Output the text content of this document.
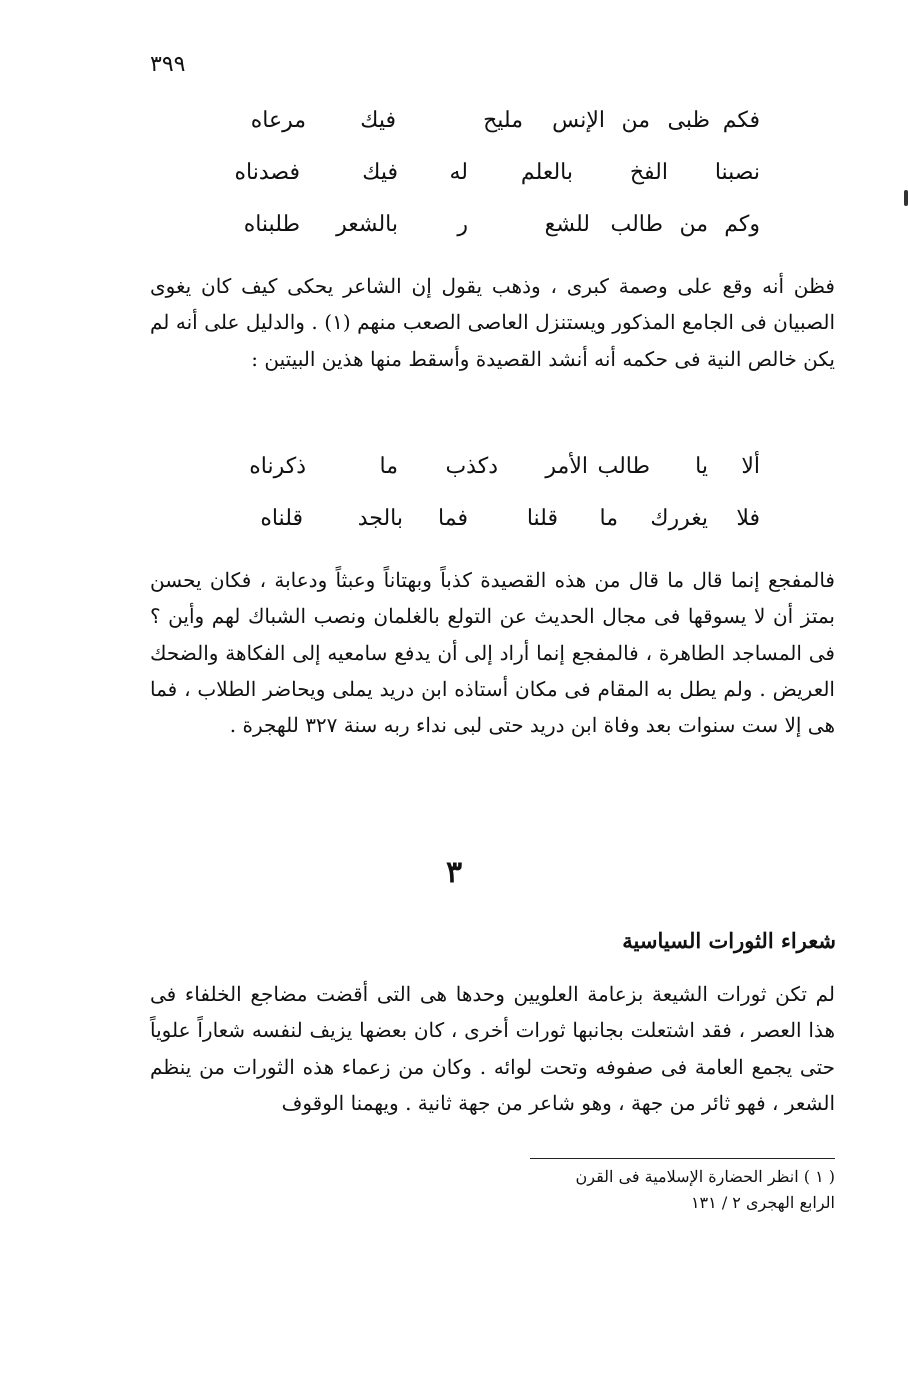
٣٩٩
فكم
ظبى
من
الإنس
مليح
فيك
مرعاه
نصبنا
الفخ
بالعلم
له
فيك
فصدناه
وكم
من
طالب
للشع
ر
بالشعر
طلبناه

فظن أنه وقع على وصمة كبرى ، وذهب يقول إن الشاعر يحكى كيف كان يغوى الصبيان فى الجامع المذكور ويستنزل العاصى الصعب منهم (١) . والدليل على أنه لم يكن خالص النية فى حكمه أنه أنشد القصيدة وأسقط منها هذين البيتين :

ألا
يا
طالب
الأمر
دكذب
ما
ذكرناه
فلا
يغررك
ما
قلنا
فما
بالجد
قلناه

فالمفجع إنما قال ما قال من هذه القصيدة كذباً وبهتاناً وعبثاً ودعابة ، فكان يحسن بمتز أن لا يسوقها فى مجال الحديث عن التولع بالغلمان ونصب الشباك لهم وأين ؟ فى المساجد الطاهرة ، فالمفجع إنما أراد إلى أن يدفع سامعيه إلى الفكاهة والضحك العريض . ولم يطل به المقام فى مكان أستاذه ابن دريد يملى ويحاضر الطلاب ، فما هى إلا ست سنوات بعد وفاة ابن دريد حتى لبى نداء ربه سنة ٣٢٧ للهجرة .

٣
شعراء الثورات السياسية

لم تكن ثورات الشيعة بزعامة العلويين وحدها هى التى أقضت مضاجع الخلفاء فى هذا العصر ، فقد اشتعلت بجانبها ثورات أخرى ، كان بعضها يزيف لنفسه شعاراً علوياً حتى يجمع العامة فى صفوفه وتحت لوائه . وكان من زعماء هذه الثورات من ينظم الشعر ، فهو ثائر من جهة ، وهو شاعر من جهة ثانية . ويهمنا الوقوف

( ١ ) انظر الحضارة الإسلامية فى القرن
الرابع الهجرى ٢ / ١٣١
